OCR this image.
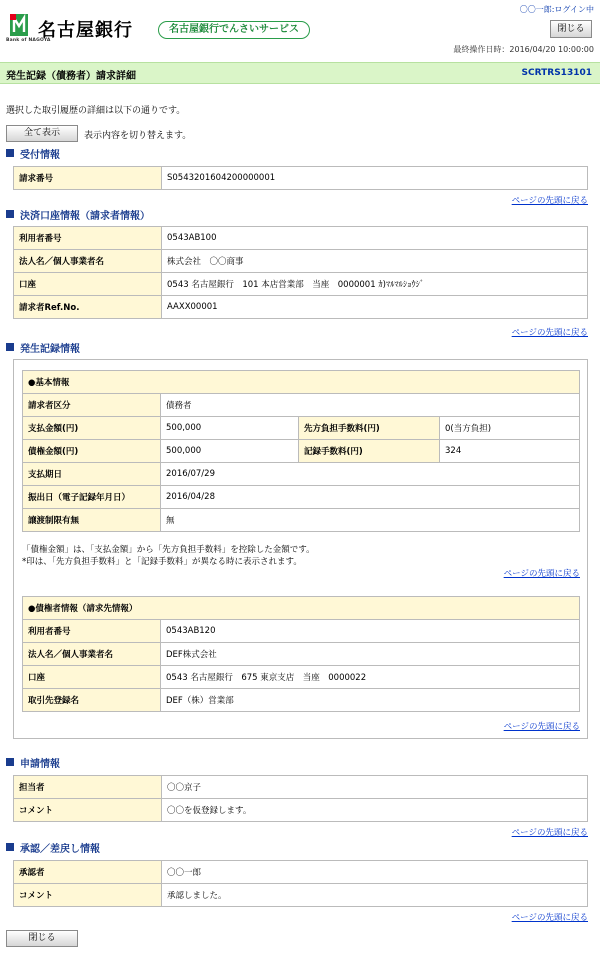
Bank of NAGOYA
名古屋銀行	名古屋銀行でんさいサービス
〇〇一郎:ログイン中
閉じる
最終操作日時：2016/04/20 10:00:00
発生記録（債務者）請求詳細	SCRTRS13101
選択した取引履歴の詳細は以下の通りです。
全て表示	表示内容を切り替えます。
受付情報
請求番号	S0543201604200000001
ページの先頭に戻る
決済口座情報（請求者情報）
利用者番号	0543AB100
法人名／個人事業者名	株式会社　〇〇商事
口座	0543 名古屋銀行　101 本店営業部　当座　0000001 ｶ)ﾏﾙﾏﾙｼｮｳｼﾞ
請求者Ref.No.	AAXX00001
ページの先頭に戻る
発生記録情報
●基本情報			
請求者区分	債務者		
支払金額(円)	500,000	先方負担手数料(円)	0(当方負担)
債権金額(円)	500,000	記録手数料(円)	324
支払期日	2016/07/29		
振出日（電子記録年月日）	2016/04/28		
譲渡制限有無	無		
「債権金額」は、「支払金額」から「先方負担手数料」を控除した金額です。
*印は、「先方負担手数料」と「記録手数料」が異なる時に表示されます。
ページの先頭に戻る
●債権者情報（請求先情報）	
利用者番号	0543AB120
法人名／個人事業者名	DEF株式会社
口座	0543 名古屋銀行　675 東京支店　当座　0000022
取引先登録名	DEF（株）営業部
ページの先頭に戻る
申請情報
担当者	〇〇京子
コメント	〇〇を仮登録します。
ページの先頭に戻る
承認／差戻し情報
承認者	〇〇一郎
コメント	承認しました。
ページの先頭に戻る
閉じる
